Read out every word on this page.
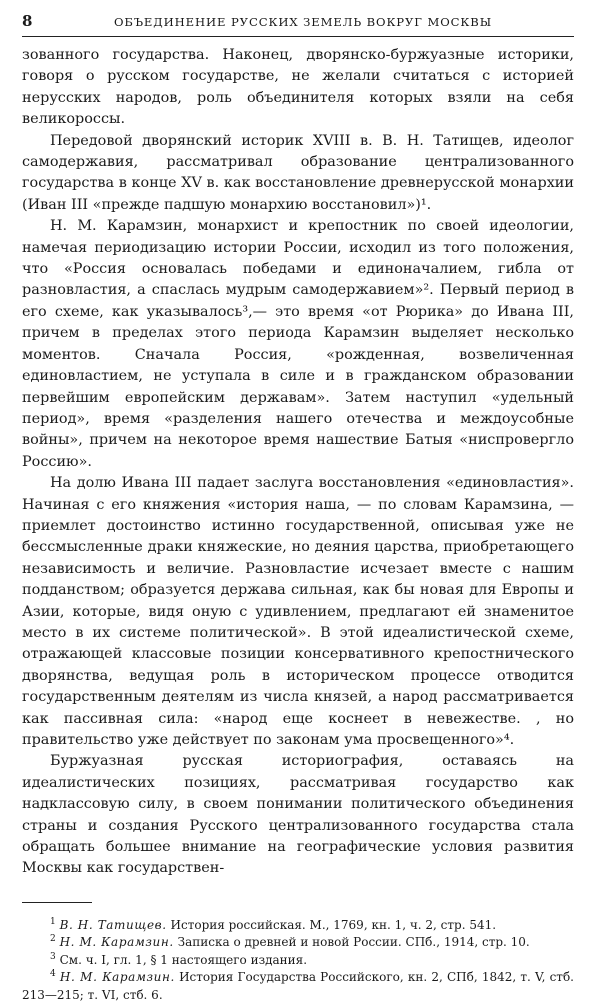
8	ОБЪЕДИНЕНИЕ РУССКИХ ЗЕМЕЛЬ ВОКРУГ МОСКВЫ

зованного государства. Наконец, дворянско-буржуазные историки, говоря о русском государстве, не желали считаться с историей нерусских народов, роль объединителя которых взяли на себя великороссы.

Передовой дворянский историк XVIII в. В. Н. Татищев, идеолог самодержавия, рассматривал образование централизованного государства в конце XV в. как восстановление древнерусской монархии (Иван III «прежде падшую монархию восстановил»)¹.

Н. М. Карамзин, монархист и крепостник по своей идеологии, намечая периодизацию истории России, исходил из того положения, что «Россия основалась победами и единоначалием, гибла от разновластия, а спаслась мудрым самодержавием»². Первый период в его схеме, как указывалось³,— это время «от Рюрика» до Ивана III, причем в пределах этого периода Карамзин выделяет несколько моментов. Сначала Россия, «рожденная, возвеличенная единовластием, не уступала в силе и в гражданском образовании первейшим европейским державам». Затем наступил «удельный период», время «разделения нашего отечества и междоусобные войны», причем на некоторое время нашествие Батыя «ниспровергло Россию».

На долю Ивана III падает заслуга восстановления «единовластия». Начиная с его княжения «история наша, — по словам Карамзина, — приемлет достоинство истинно государственной, описывая уже не бессмысленные драки княжеские, но деяния царства, приобретающего независимость и величие. Разновластие исчезает вместе с нашим подданством; образуется держава сильная, как бы новая для Европы и Азии, которые, видя оную с удивлением, предлагают ей знаменитое место в их системе политической». В этой идеалистической схеме, отражающей классовые позиции консервативного крепостнического дворянства, ведущая роль в историческом процессе отводится государственным деятелям из числа князей, а народ рассматривается как пассивная сила: «народ еще коснеет в невежестве. , но правительство уже действует по законам ума просвещенного»⁴.

Буржуазная русская историография, оставаясь на идеалистических позициях, рассматривая государство как надклассовую силу, в своем понимании политического объединения страны и создания Русского централизованного государства стала обращать большее внимание на географические условия развития Москвы как государствен-

$^1$ В. Н. Татищев. История российская. М., 1769, кн. 1, ч. 2, стр. 541.

$^2$ Н. М. Карамзин. Записка о древней и новой России. СПб., 1914, стр. 10.

$^3$ См. ч. I, гл. 1, § 1 настоящего издания.

$^4$ Н. М. Карамзин. История Государства Российского, кн. 2, СПб, 1842, т. V, стб. 213—215; т. VI, стб. 6.
